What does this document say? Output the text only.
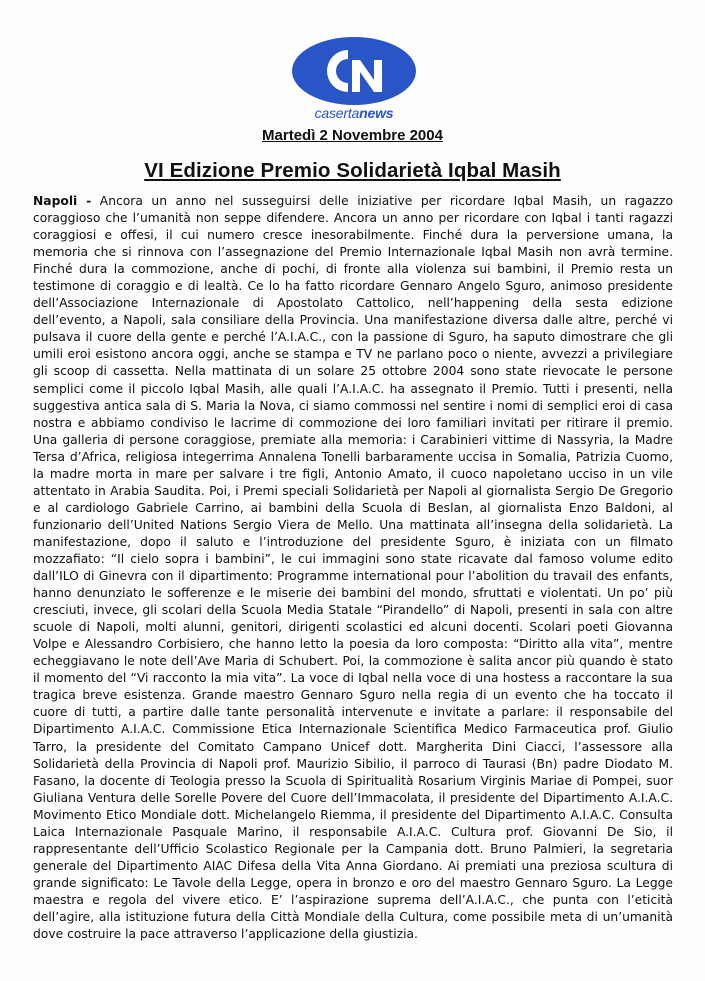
casertanews
Martedì 2 Novembre 2004
VI Edizione Premio Solidarietà Iqbal Masih
Napoli - Ancora un anno nel susseguirsi delle iniziative per ricordare Iqbal Masih, un ragazzo coraggioso che l’umanità non seppe difendere. Ancora un anno per ricordare con Iqbal i tanti ragazzi coraggiosi e offesi, il cui numero cresce inesorabilmente. Finché dura la perversione umana, la memoria che si rinnova con l’assegnazione del Premio Internazionale Iqbal Masih non avrà termine. Finché dura la commozione, anche di pochi, di fronte alla violenza sui bambini, il Premio resta un testimone di coraggio e di lealtà. Ce lo ha fatto ricordare Gennaro Angelo Sguro, animoso presidente dell’Associazione Internazionale di Apostolato Cattolico, nell’happening della sesta edizione dell’evento, a Napoli, sala consiliare della Provincia. Una manifestazione diversa dalle altre, perché vi pulsava il cuore della gente e perché l’A.I.A.C., con la passione di Sguro, ha saputo dimostrare che gli umili eroi esistono ancora oggi, anche se stampa e TV ne parlano poco o niente, avvezzi a privilegiare gli scoop di cassetta. Nella mattinata di un solare 25 ottobre 2004 sono state rievocate le persone semplici come il piccolo Iqbal Masih, alle quali l’A.I.A.C. ha assegnato il Premio. Tutti i presenti, nella suggestiva antica sala di S. Maria la Nova, ci siamo commossi nel sentire i nomi di semplici eroi di casa nostra e abbiamo condiviso le lacrime di commozione dei loro familiari invitati per ritirare il premio. Una galleria di persone coraggiose, premiate alla memoria: i Carabinieri vittime di Nassyria, la Madre Tersa d’Africa, religiosa integerrima Annalena Tonelli barbaramente uccisa in Somalia, Patrizia Cuomo, la madre morta in mare per salvare i tre figli, Antonio Amato, il cuoco napoletano ucciso in un vile attentato in Arabia Saudita. Poi, i Premi speciali Solidarietà per Napoli al giornalista Sergio De Gregorio e al cardiologo Gabriele Carrino, ai bambini della Scuola di Beslan, al giornalista Enzo Baldoni, al funzionario dell’United Nations Sergio Viera de Mello. Una mattinata all’insegna della solidarietà. La manifestazione, dopo il saluto e l’introduzione del presidente Sguro, è iniziata con un filmato mozzafiato: “Il cielo sopra i bambini”, le cui immagini sono state ricavate dal famoso volume edito dall’ILO di Ginevra con il dipartimento: Programme international pour l’abolition du travail des enfants, hanno denunziato le sofferenze e le miserie dei bambini del mondo, sfruttati e violentati. Un po’ più cresciuti, invece, gli scolari della Scuola Media Statale “Pirandello” di Napoli, presenti in sala con altre scuole di Napoli, molti alunni, genitori, dirigenti scolastici ed alcuni docenti. Scolari poeti Giovanna Volpe e Alessandro Corbisiero, che hanno letto la poesia da loro composta: “Diritto alla vita”, mentre echeggiavano le note dell’Ave Maria di Schubert. Poi, la commozione è salita ancor più quando è stato il momento del “Vi racconto la mia vita”. La voce di Iqbal nella voce di una hostess a raccontare la sua tragica breve esistenza. Grande maestro Gennaro Sguro nella regia di un evento che ha toccato il cuore di tutti, a partire dalle tante personalità intervenute e invitate a parlare: il responsabile del Dipartimento A.I.A.C. Commissione Etica Internazionale Scientifica Medico Farmaceutica prof. Giulio Tarro, la presidente del Comitato Campano Unicef dott. Margherita Dini Ciacci, l’assessore alla Solidarietà della Provincia di Napoli prof. Maurizio Sibilio, il parroco di Taurasi (Bn) padre Diodato M. Fasano, la docente di Teologia presso la Scuola di Spiritualità Rosarium Virginis Mariae di Pompei, suor Giuliana Ventura delle Sorelle Povere del Cuore dell’Immacolata, il presidente del Dipartimento A.I.A.C. Movimento Etico Mondiale dott. Michelangelo Riemma, il presidente del Dipartimento A.I.A.C. Consulta Laica Internazionale Pasquale Marino, il responsabile A.I.A.C. Cultura prof. Giovanni De Sio, il rappresentante dell’Ufficio Scolastico Regionale per la Campania dott. Bruno Palmieri, la segretaria generale del Dipartimento AIAC Difesa della Vita Anna Giordano. Ai premiati una preziosa scultura di grande significato: Le Tavole della Legge, opera in bronzo e oro del maestro Gennaro Sguro. La Legge maestra e regola del vivere etico. E’ l’aspirazione suprema dell’A.I.A.C., che punta con l’eticità dell’agire, alla istituzione futura della Città Mondiale della Cultura, come possibile meta di un’umanità dove costruire la pace attraverso l’applicazione della giustizia.
